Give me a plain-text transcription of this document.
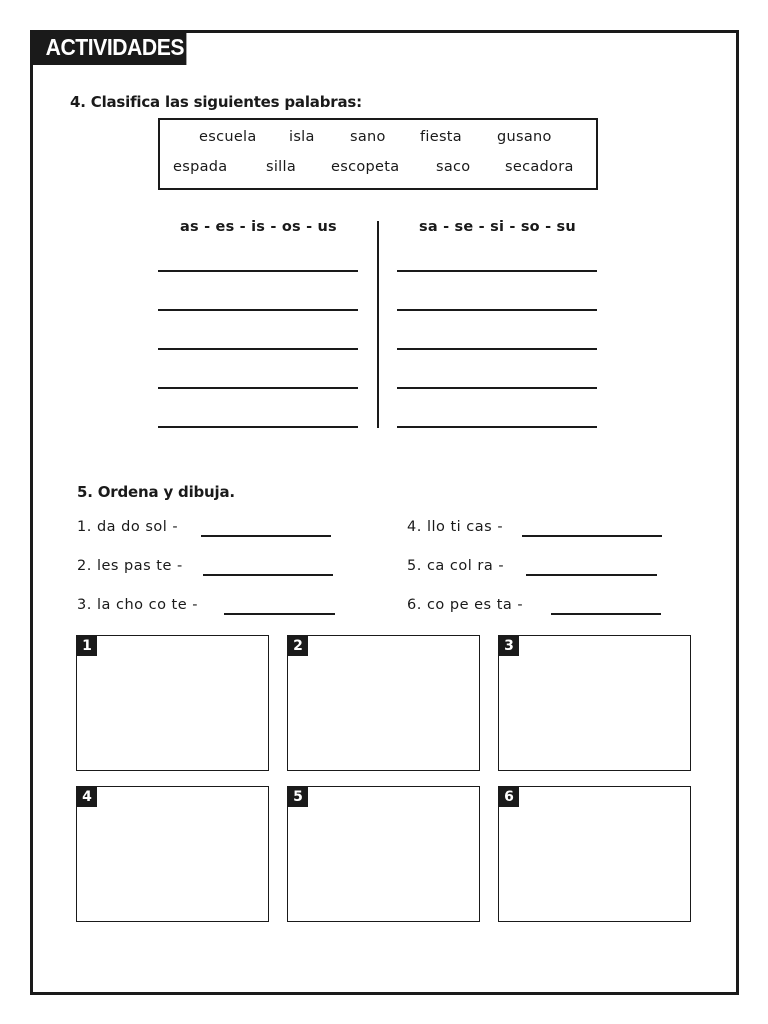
ACTIVIDADES
4. Clasifica las siguientes palabras:
escuela isla sano fiesta gusano
espada	silla escopeta	saco secadora
as - es - is - os - us	sa - se - si - so - su
5. Ordena y dibuja.
1. da do sol -
2. les pas te -
3. la cho co te -
4. llo ti cas -
5. ca col ra -
6. co pe es ta -
1	2	3
4	5	6
